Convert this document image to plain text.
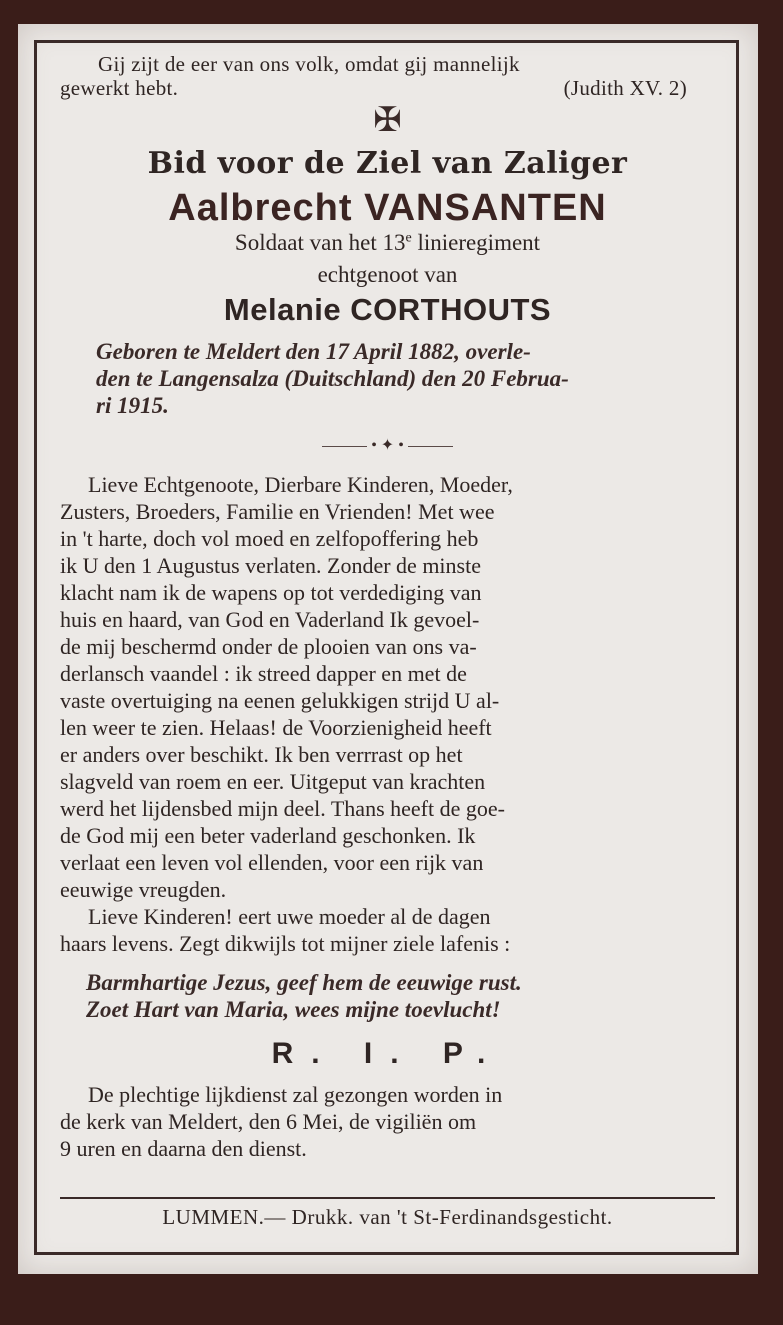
Gij zijt de eer van ons volk, omdat gij mannelijk
gewerkt hebt.	(Judith XV. 2)
✠
Bid voor de Ziel van Zaliger
Aalbrecht VANSANTEN
Soldaat van het 13e linieregiment
echtgenoot van
Melanie CORTHOUTS
Geboren te Meldert den 17 April 1882, overle-
den te Langensalza (Duitschland) den 20 Februa-
ri 1915.
• ✦ •
Lieve Echtgenoote, Dierbare Kinderen, Moeder,
Zusters, Broeders, Familie en Vrienden! Met wee
in 't harte, doch vol moed en zelfopoffering heb
ik U den 1 Augustus verlaten. Zonder de minste
klacht nam ik de wapens op tot verdediging van
huis en haard, van God en Vaderland Ik gevoel-
de mij beschermd onder de plooien van ons va-
derlansch vaandel : ik streed dapper en met de
vaste overtuiging na eenen gelukkigen strijd U al-
len weer te zien. Helaas! de Voorzienigheid heeft
er anders over beschikt. Ik ben verrrast op het
slagveld van roem en eer. Uitgeput van krachten
werd het lijdensbed mijn deel. Thans heeft de goe-
de God mij een beter vaderland geschonken. Ik
verlaat een leven vol ellenden, voor een rijk van
eeuwige vreugden.
Lieve Kinderen! eert uwe moeder al de dagen
haars levens. Zegt dikwijls tot mijner ziele lafenis :
Barmhartige Jezus, geef hem de eeuwige rust.
Zoet Hart van Maria, wees mijne toevlucht!
R. I. P.
De plechtige lijkdienst zal gezongen worden in
de kerk van Meldert, den 6 Mei, de vigiliën om
9 uren en daarna den dienst.
LUMMEN.— Drukk. van 't St-Ferdinandsgesticht.
